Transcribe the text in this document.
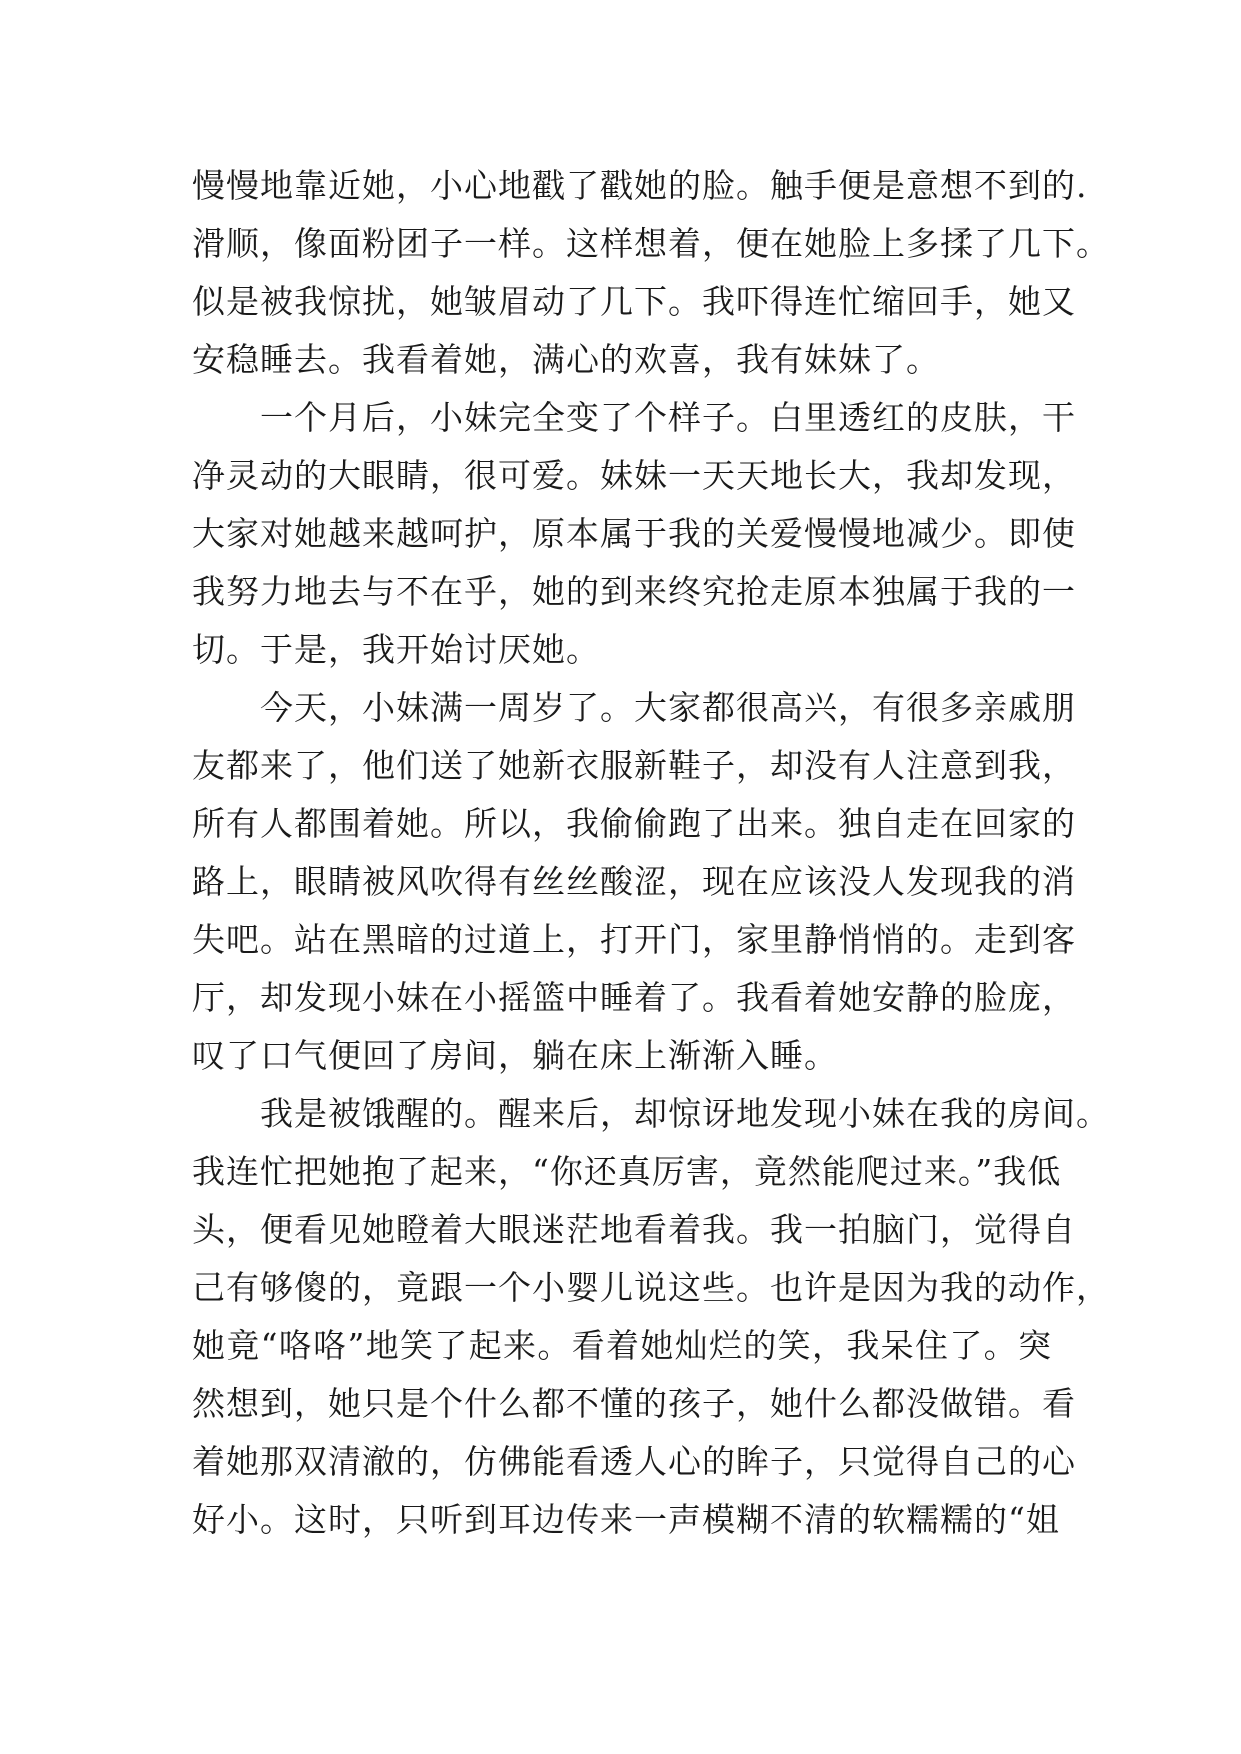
慢慢地靠近她，小心地戳了戳她的脸。触手便是意想不到的.
滑顺，像面粉团子一样。这样想着，便在她脸上多揉了几下。
似是被我惊扰，她皱眉动了几下。我吓得连忙缩回手，她又
安稳睡去。我看着她，满心的欢喜，我有妹妹了。
一个月后，小妹完全变了个样子。白里透红的皮肤，干
净灵动的大眼睛，很可爱。妹妹一天天地长大，我却发现，
大家对她越来越呵护，原本属于我的关爱慢慢地减少。即使
我努力地去与不在乎，她的到来终究抢走原本独属于我的一
切。于是，我开始讨厌她。
今天，小妹满一周岁了。大家都很高兴，有很多亲戚朋
友都来了，他们送了她新衣服新鞋子，却没有人注意到我，
所有人都围着她。所以，我偷偷跑了出来。独自走在回家的
路上，眼睛被风吹得有丝丝酸涩，现在应该没人发现我的消
失吧。站在黑暗的过道上，打开门，家里静悄悄的。走到客
厅，却发现小妹在小摇篮中睡着了。我看着她安静的脸庞，
叹了口气便回了房间，躺在床上渐渐入睡。
我是被饿醒的。醒来后，却惊讶地发现小妹在我的房间。
我连忙把她抱了起来，“你还真厉害，竟然能爬过来。”我低
头，便看见她瞪着大眼迷茫地看着我。我一拍脑门，觉得自
己有够傻的，竟跟一个小婴儿说这些。也许是因为我的动作，
她竟“咯咯”地笑了起来。看着她灿烂的笑，我呆住了。突
然想到，她只是个什么都不懂的孩子，她什么都没做错。看
着她那双清澈的，仿佛能看透人心的眸子，只觉得自己的心
好小。这时，只听到耳边传来一声模糊不清的软糯糯的“姐
